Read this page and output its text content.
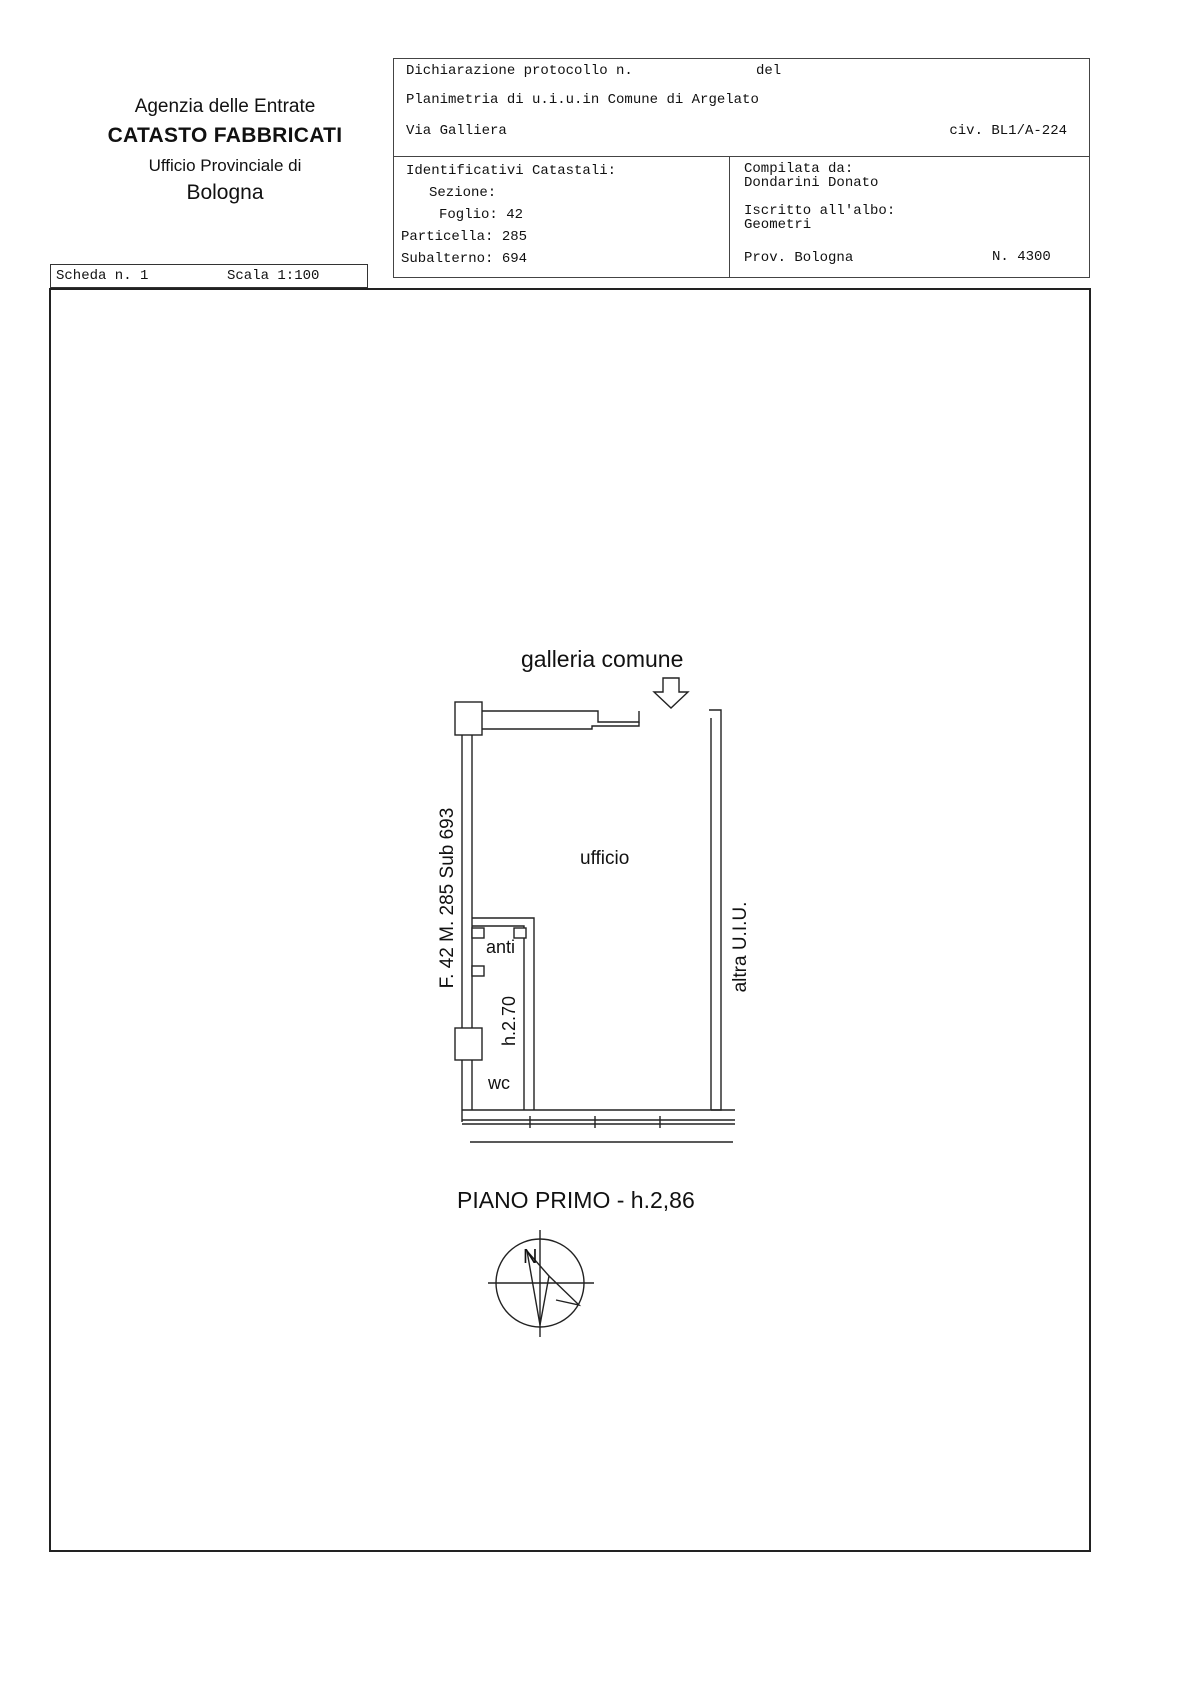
Agenzia delle Entrate
CATASTO FABBRICATI
Ufficio Provinciale di
Bologna
Dichiarazione protocollo n.	del
Planimetria di u.i.u.in Comune di Argelato
Via Galliera	civ. BL1/A-224
Identificativi Catastali:
Sezione:
Foglio: 42
Particella: 285
Subalterno: 694
Compilata da:
Dondarini Donato
Iscritto all'albo:
Geometri
Prov. Bologna	N. 4300
Scheda n. 1	Scala 1:100
galleria comune
ufficio
anti
wc
h.2.70
F. 42 M. 285 Sub 693	altra U.I.U.
PIANO PRIMO - h.2,86
N
